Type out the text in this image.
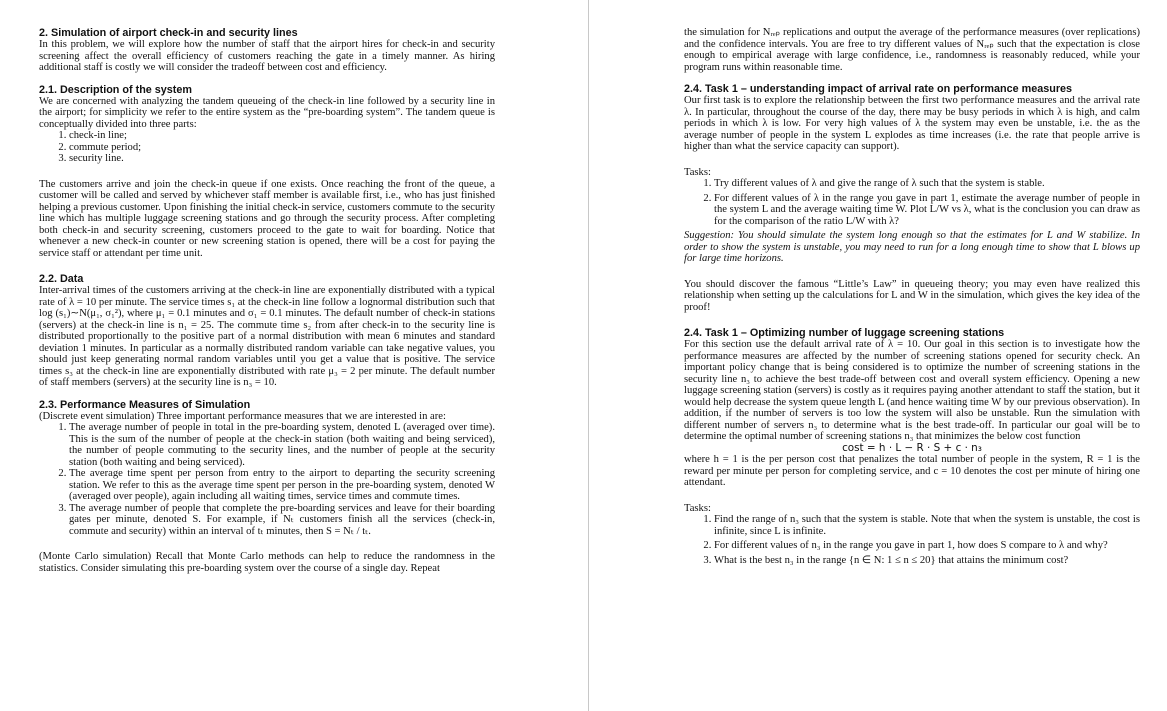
2. Simulation of airport check-in and security lines

In this problem, we will explore how the number of staff that the airport hires for check-in and security screening affect the overall efficiency of customers reaching the gate in a timely manner. As hiring additional staff is costly we will consider the tradeoff between cost and efficiency.

2.1. Description of the system

We are concerned with analyzing the tandem queueing of the check-in line followed by a security line in the airport; for simplicity we refer to the entire system as the “pre-boarding system”. The tandem queue is conceptually divided into three parts:

1. check-in line;
2. commute period;
3. security line.

The customers arrive and join the check-in queue if one exists. Once reaching the front of the queue, a customer will be called and served by whichever staff member is available first, i.e., who has just finished helping a previous customer. Upon finishing the initial check-in service, customers commute to the security line which has multiple luggage screening stations and go through the security process. After completing both check-in and security screening, customers proceed to the gate to wait for boarding. Notice that whenever a new check-in counter or new screening station is opened, there will be a cost for paying the service staff or attendant per time unit.

2.2. Data

Inter-arrival times of the customers arriving at the check-in line are exponentially distributed with a typical rate of λ = 10 per minute. The service times s₁ at the check-in line follow a lognormal distribution such that log (s₁)∼N(μ₁, σ₁²), where μ₁ = 0.1 minutes and σ₁ = 0.1 minutes. The default number of check-in stations (servers) at the check-in line is n₁ = 25. The commute time s₂ from after check-in to the security line is distributed proportionally to the positive part of a normal distribution with mean 6 minutes and standard deviation 1 minutes. In particular as a normally distributed random variable can take negative values, you should just keep generating normal random variables until you get a value that is positive. The service times s₃ at the check-in line are exponentially distributed with rate μ₃ = 2 per minute. The default number of staff members (servers) at the security line is n₃ = 10.

2.3. Performance Measures of Simulation

(Discrete event simulation) Three important performance measures that we are interested in are:

1. The average number of people in total in the pre-boarding system, denoted L (averaged over time). This is the sum of the number of people at the check-in station (both waiting and being serviced), the number of people commuting to the security lines, and the number of people at the security station (both waiting and being serviced).
2. The average time spent per person from entry to the airport to departing the security screening station. We refer to this as the average time spent per person in the pre-boarding system, denoted W (averaged over people), again including all waiting times, service times and commute times.
3. The average number of people that complete the pre-boarding services and leave for their boarding gates per minute, denoted S. For example, if Nₜ customers finish all the services (check-in, commute and security) within an interval of tₜ minutes, then S = Nₜ / tₜ.

(Monte Carlo simulation) Recall that Monte Carlo methods can help to reduce the randomness in the statistics. Consider simulating this pre-boarding system over the course of a single day. Repeat

the simulation for Nᵣₑₚ replications and output the average of the performance measures (over replications) and the confidence intervals. You are free to try different values of Nᵣₑₚ such that the expectation is close enough to empirical average with large confidence, i.e., randomness is reasonably reduced, while your program runs within reasonable time.

2.4. Task 1 – understanding impact of arrival rate on performance measures

Our first task is to explore the relationship between the first two performance measures and the arrival rate λ. In particular, throughout the course of the day, there may be busy periods in which λ is high, and calm periods in which λ is low. For very high values of λ the system may even be unstable, i.e. the as the average number of people in the system L explodes as time increases (i.e. the rate that people arrive is higher than what the service capacity can support).

Tasks:

1. Try different values of λ and give the range of λ such that the system is stable.
2. For different values of λ in the range you gave in part 1, estimate the average number of people in the system L and the average waiting time W. Plot L/W vs λ, what is the conclusion you can draw as for the comparison of the ratio L/W with λ?

Suggestion: You should simulate the system long enough so that the estimates for L and W stabilize. In order to show the system is unstable, you may need to run for a long enough time to show that L blows up for large time horizons.

You should discover the famous “Little’s Law” in queueing theory; you may even have realized this relationship when setting up the calculations for L and W in the simulation, which gives the key idea of the proof!

2.4. Task 1 – Optimizing number of luggage screening stations

For this section use the default arrival rate of λ = 10. Our goal in this section is to investigate how the performance measures are affected by the number of screening stations opened for security check. An important policy change that is being considered is to optimize the number of screening stations in the security line n₃ to achieve the best trade-off between cost and overall system efficiency. Opening a new luggage screening station (servers) is costly as it requires paying another attendant to staff the station, but it would help decrease the system queue length L (and hence waiting time W by our previous observation). In addition, if the number of servers is too low the system will also be unstable. Run the simulation with different number of servers n₃ to determine what is the best trade-off. In particular our goal will be to determine the optimal number of screening stations n₃ that minimizes the below cost function

cost = h · L − R · S + c · n₃

where h = 1 is the per person cost that penalizes the total number of people in the system, R = 1 is the reward per minute per person for completing service, and c = 10 denotes the cost per minute of hiring one attendant.

Tasks:

1. Find the range of n₃ such that the system is stable. Note that when the system is unstable, the cost is infinite, since L is infinite.
2. For different values of n₃ in the range you gave in part 1, how does S compare to λ and why?
3. What is the best n₃ in the range {n ∈ N: 1 ≤ n ≤ 20} that attains the minimum cost?
